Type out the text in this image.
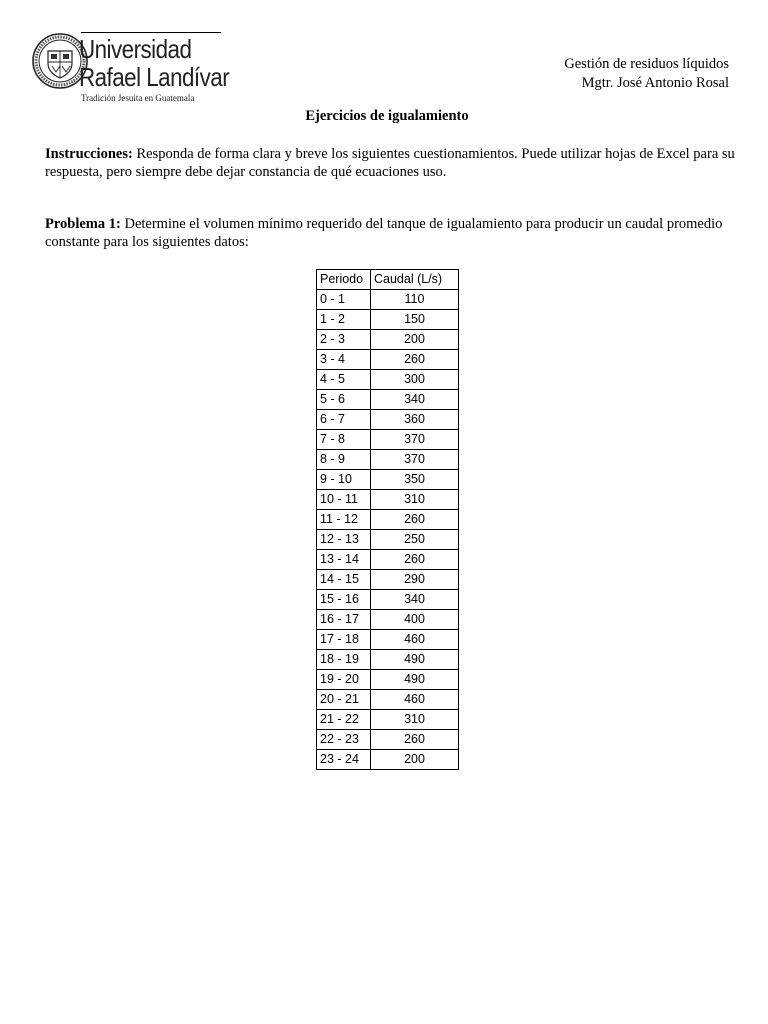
Universidad
Rafael Landívar
Tradición Jesuita en Guatemala
Gestión de residuos líquidos
Mgtr. José Antonio Rosal
Ejercicios de igualamiento
Instrucciones: Responda de forma clara y breve los siguientes cuestionamientos. Puede utilizar hojas de Excel para su respuesta, pero siempre debe dejar constancia de qué ecuaciones uso.
Problema 1: Determine el volumen mínimo requerido del tanque de igualamiento para producir un caudal promedio constante para los siguientes datos:
Periodo	Caudal (L/s)
0 - 1	110
1 - 2	150
2 - 3	200
3 - 4	260
4 - 5	300
5 - 6	340
6 - 7	360
7 - 8	370
8 - 9	370
9 - 10	350
10 - 11	310
11 - 12	260
12 - 13	250
13 - 14	260
14 - 15	290
15 - 16	340
16 - 17	400
17 - 18	460
18 - 19	490
19 - 20	490
20 - 21	460
21 - 22	310
22 - 23	260
23 - 24	200
